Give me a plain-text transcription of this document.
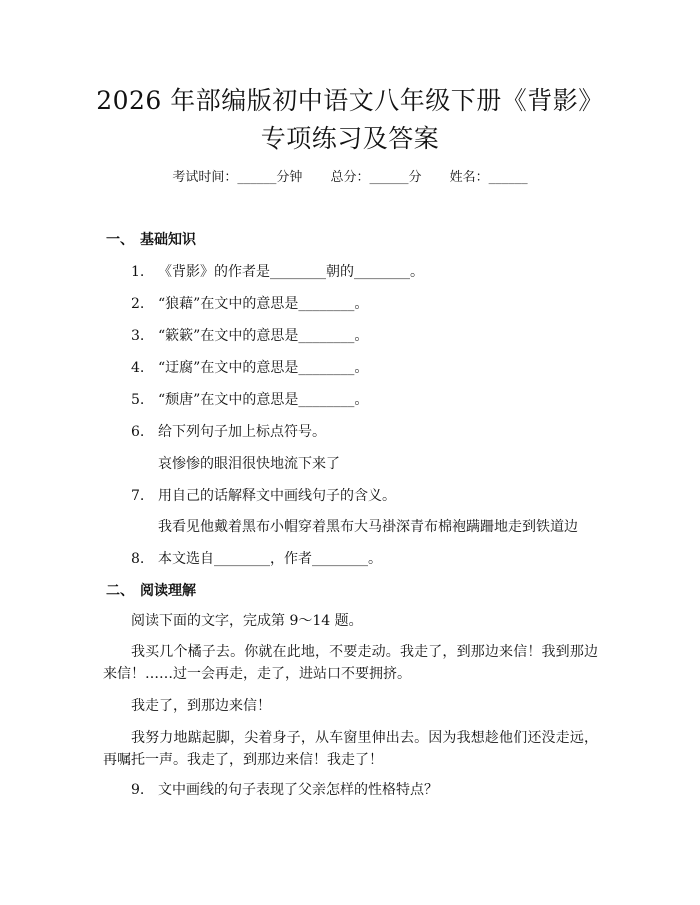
2026 年部编版初中语文八年级下册《背影》
专项练习及答案
考试时间：______分钟 总分：______分 姓名：______
一、 基础知识
1. 《背影》的作者是________朝的________。
2. “狼藉”在文中的意思是________。
3. “簌簌”在文中的意思是________。
4. “迂腐”在文中的意思是________。
5. “颓唐”在文中的意思是________。
6. 给下列句子加上标点符号。
哀惨惨的眼泪很快地流下来了
7. 用自己的话解释文中画线句子的含义。
我看见他戴着黑布小帽穿着黑布大马褂深青布棉袍蹒跚地走到铁道边
8. 本文选自________，作者________。
二、 阅读理解
阅读下面的文字，完成第 9～14 题。
我买几个橘子去。你就在此地，不要走动。我走了，到那边来信！我到那边来信！……过一会再走，走了，进站口不要拥挤。
我走了，到那边来信！
我努力地踮起脚，尖着身子，从车窗里伸出去。因为我想趁他们还没走远，再嘱托一声。我走了，到那边来信！我走了！
9. 文中画线的句子表现了父亲怎样的性格特点？
